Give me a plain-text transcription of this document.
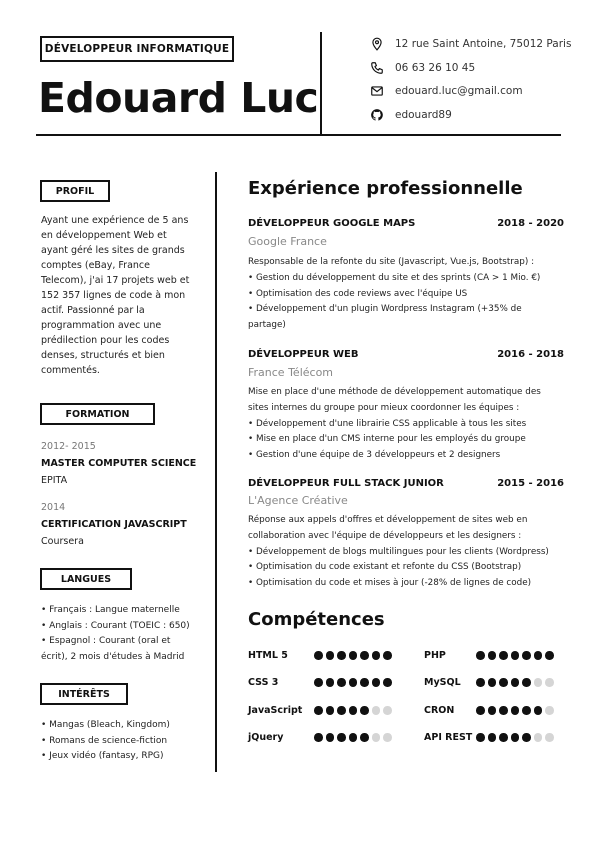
DÉVELOPPEUR INFORMATIQUE
Edouard Luc
12 rue Saint Antoine, 75012 Paris
06 63 26 10 45
edouard.luc@gmail.com
edouard89
PROFIL
Ayant une expérience de 5 ans
en développement Web et
ayant géré les sites de grands
comptes (eBay, France
Telecom), j'ai 17 projets web et
152 357 lignes de code à mon
actif. Passionné par la
programmation avec une
prédilection pour les codes
denses, structurés et bien
commentés.
FORMATION
2012- 2015
MASTER COMPUTER SCIENCE
EPITA
2014
CERTIFICATION JAVASCRIPT
Coursera
LANGUES
• Français : Langue maternelle
• Anglais : Courant (TOEIC : 650)
• Espagnol : Courant (oral et
écrit), 2 mois d'études à Madrid
INTÉRÊTS
• Mangas (Bleach, Kingdom)
• Romans de science-fiction
• Jeux vidéo (fantasy, RPG)
Expérience professionnelle
DÉVELOPPEUR GOOGLE MAPS	2018 - 2020
Google France
Responsable de la refonte du site (Javascript, Vue.js, Bootstrap) :
• Gestion du développement du site et des sprints (CA > 1 Mio. €)
• Optimisation des code reviews avec l'équipe US
• Développement d'un plugin Wordpress Instagram (+35% de
partage)
DÉVELOPPEUR WEB	2016 - 2018
France Télécom
Mise en place d'une méthode de développement automatique des
sites internes du groupe pour mieux coordonner les équipes :
• Développement d'une librairie CSS applicable à tous les sites
• Mise en place d'un CMS interne pour les employés du groupe
• Gestion d'une équipe de 3 développeurs et 2 designers
DÉVELOPPEUR FULL STACK JUNIOR	2015 - 2016
L'Agence Créative
Réponse aux appels d'offres et développement de sites web en
collaboration avec l'équipe de développeurs et les designers :
• Développement de blogs multilingues pour les clients (Wordpress)
• Optimisation du code existant et refonte du CSS (Bootstrap)
• Optimisation du code et mises à jour (-28% de lignes de code)
Compétences
HTML 5	PHP
CSS 3	MySQL
JavaScript	CRON
jQuery	API REST
